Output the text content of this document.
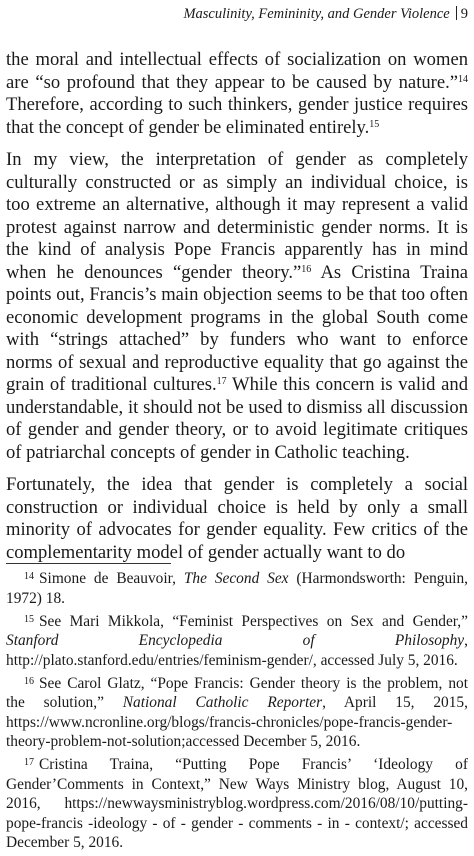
Masculinity, Femininity, and Gender Violence 9

the moral and intellectual effects of socialization on women are “so profound that they appear to be caused by nature.”$^{14}$ Therefore, according to such thinkers, gender justice requires that the concept of gender be eliminated entirely.$^{15}$

In my view, the interpretation of gender as completely culturally constructed or as simply an individual choice, is too extreme an alternative, although it may represent a valid protest against narrow and deterministic gender norms. It is the kind of analysis Pope Francis apparently has in mind when he denounces “gender theory.”$^{16}$ As Cristina Traina points out, Francis’s main objection seems to be that too often economic development programs in the global South come with “strings attached” by funders who want to enforce norms of sexual and reproductive equality that go against the grain of traditional cultures.$^{17}$ While this concern is valid and understandable, it should not be used to dismiss all discussion of gender and gender theory, or to avoid legitimate critiques of patriarchal concepts of gender in Catholic teaching.

Fortunately, the idea that gender is completely a social construction or individual choice is held by only a small minority of advocates for gender equality. Few critics of the complementarity model of gender actually want to do

$^{14}$ Simone de Beauvoir, The Second Sex (Harmondsworth: Penguin, 1972) 18.

$^{15}$ See Mari Mikkola, “Feminist Perspectives on Sex and Gender,” Stanford Encyclopedia of Philosophy, http://plato.stanford.edu/entries/feminism-gender/, accessed July 5, 2016.

$^{16}$ See Carol Glatz, “Pope Francis: Gender theory is the problem, not the solution,” National Catholic Reporter, April 15, 2015, https://www.ncronline.org/blogs/francis-chronicles/pope-francis-gender-theory-problem-not-solution;accessed December 5, 2016.

$^{17}$ Cristina Traina, “Putting Pope Francis’ ‘Ideology of Gender’Comments in Context,” New Ways Ministry blog, August 10, 2016, https://newwaysministryblog.wordpress.com/2016/08/10/putting-pope-francis -ideology - of - gender - comments - in - context/; accessed December 5, 2016.
